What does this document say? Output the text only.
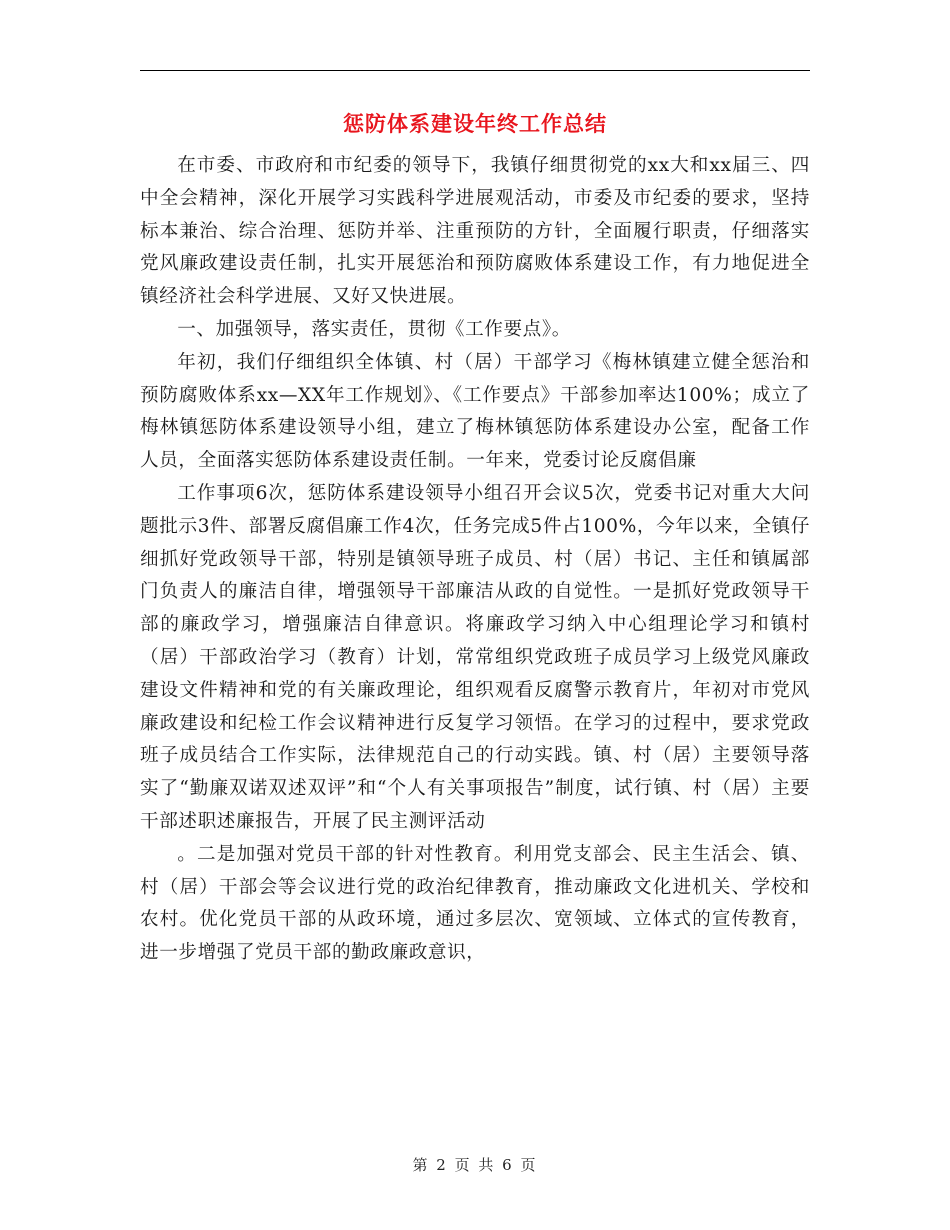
惩防体系建设年终工作总结

在市委、市政府和市纪委的领导下，我镇仔细贯彻党的xx大和xx届三、四中全会精神，深化开展学习实践科学进展观活动，市委及市纪委的要求，坚持标本兼治、综合治理、惩防并举、注重预防的方针，全面履行职责，仔细落实党风廉政建设责任制，扎实开展惩治和预防腐败体系建设工作，有力地促进全镇经济社会科学进展、又好又快进展。

一、加强领导，落实责任，贯彻《工作要点》。

年初，我们仔细组织全体镇、村（居）干部学习《梅林镇建立健全惩治和预防腐败体系xx—XX年工作规划》、《工作要点》干部参加率达100%；成立了梅林镇惩防体系建设领导小组，建立了梅林镇惩防体系建设办公室，配备工作人员，全面落实惩防体系建设责任制。一年来，党委讨论反腐倡廉

工作事项6次，惩防体系建设领导小组召开会议5次，党委书记对重大大问题批示3件、部署反腐倡廉工作4次，任务完成5件占100%，今年以来，全镇仔细抓好党政领导干部，特别是镇领导班子成员、村（居）书记、主任和镇属部门负责人的廉洁自律，增强领导干部廉洁从政的自觉性。一是抓好党政领导干部的廉政学习，增强廉洁自律意识。将廉政学习纳入中心组理论学习和镇村（居）干部政治学习（教育）计划，常常组织党政班子成员学习上级党风廉政建设文件精神和党的有关廉政理论，组织观看反腐警示教育片，年初对市党风廉政建设和纪检工作会议精神进行反复学习领悟。在学习的过程中，要求党政班子成员结合工作实际，法律规范自己的行动实践。镇、村（居）主要领导落实了“勤廉双诺双述双评”和“个人有关事项报告”制度，试行镇、村（居）主要干部述职述廉报告，开展了民主测评活动

。二是加强对党员干部的针对性教育。利用党支部会、民主生活会、镇、村（居）干部会等会议进行党的政治纪律教育，推动廉政文化进机关、学校和农村。优化党员干部的从政环境，通过多层次、宽领域、立体式的宣传教育，进一步增强了党员干部的勤政廉政意识，

第 2 页 共 6 页
